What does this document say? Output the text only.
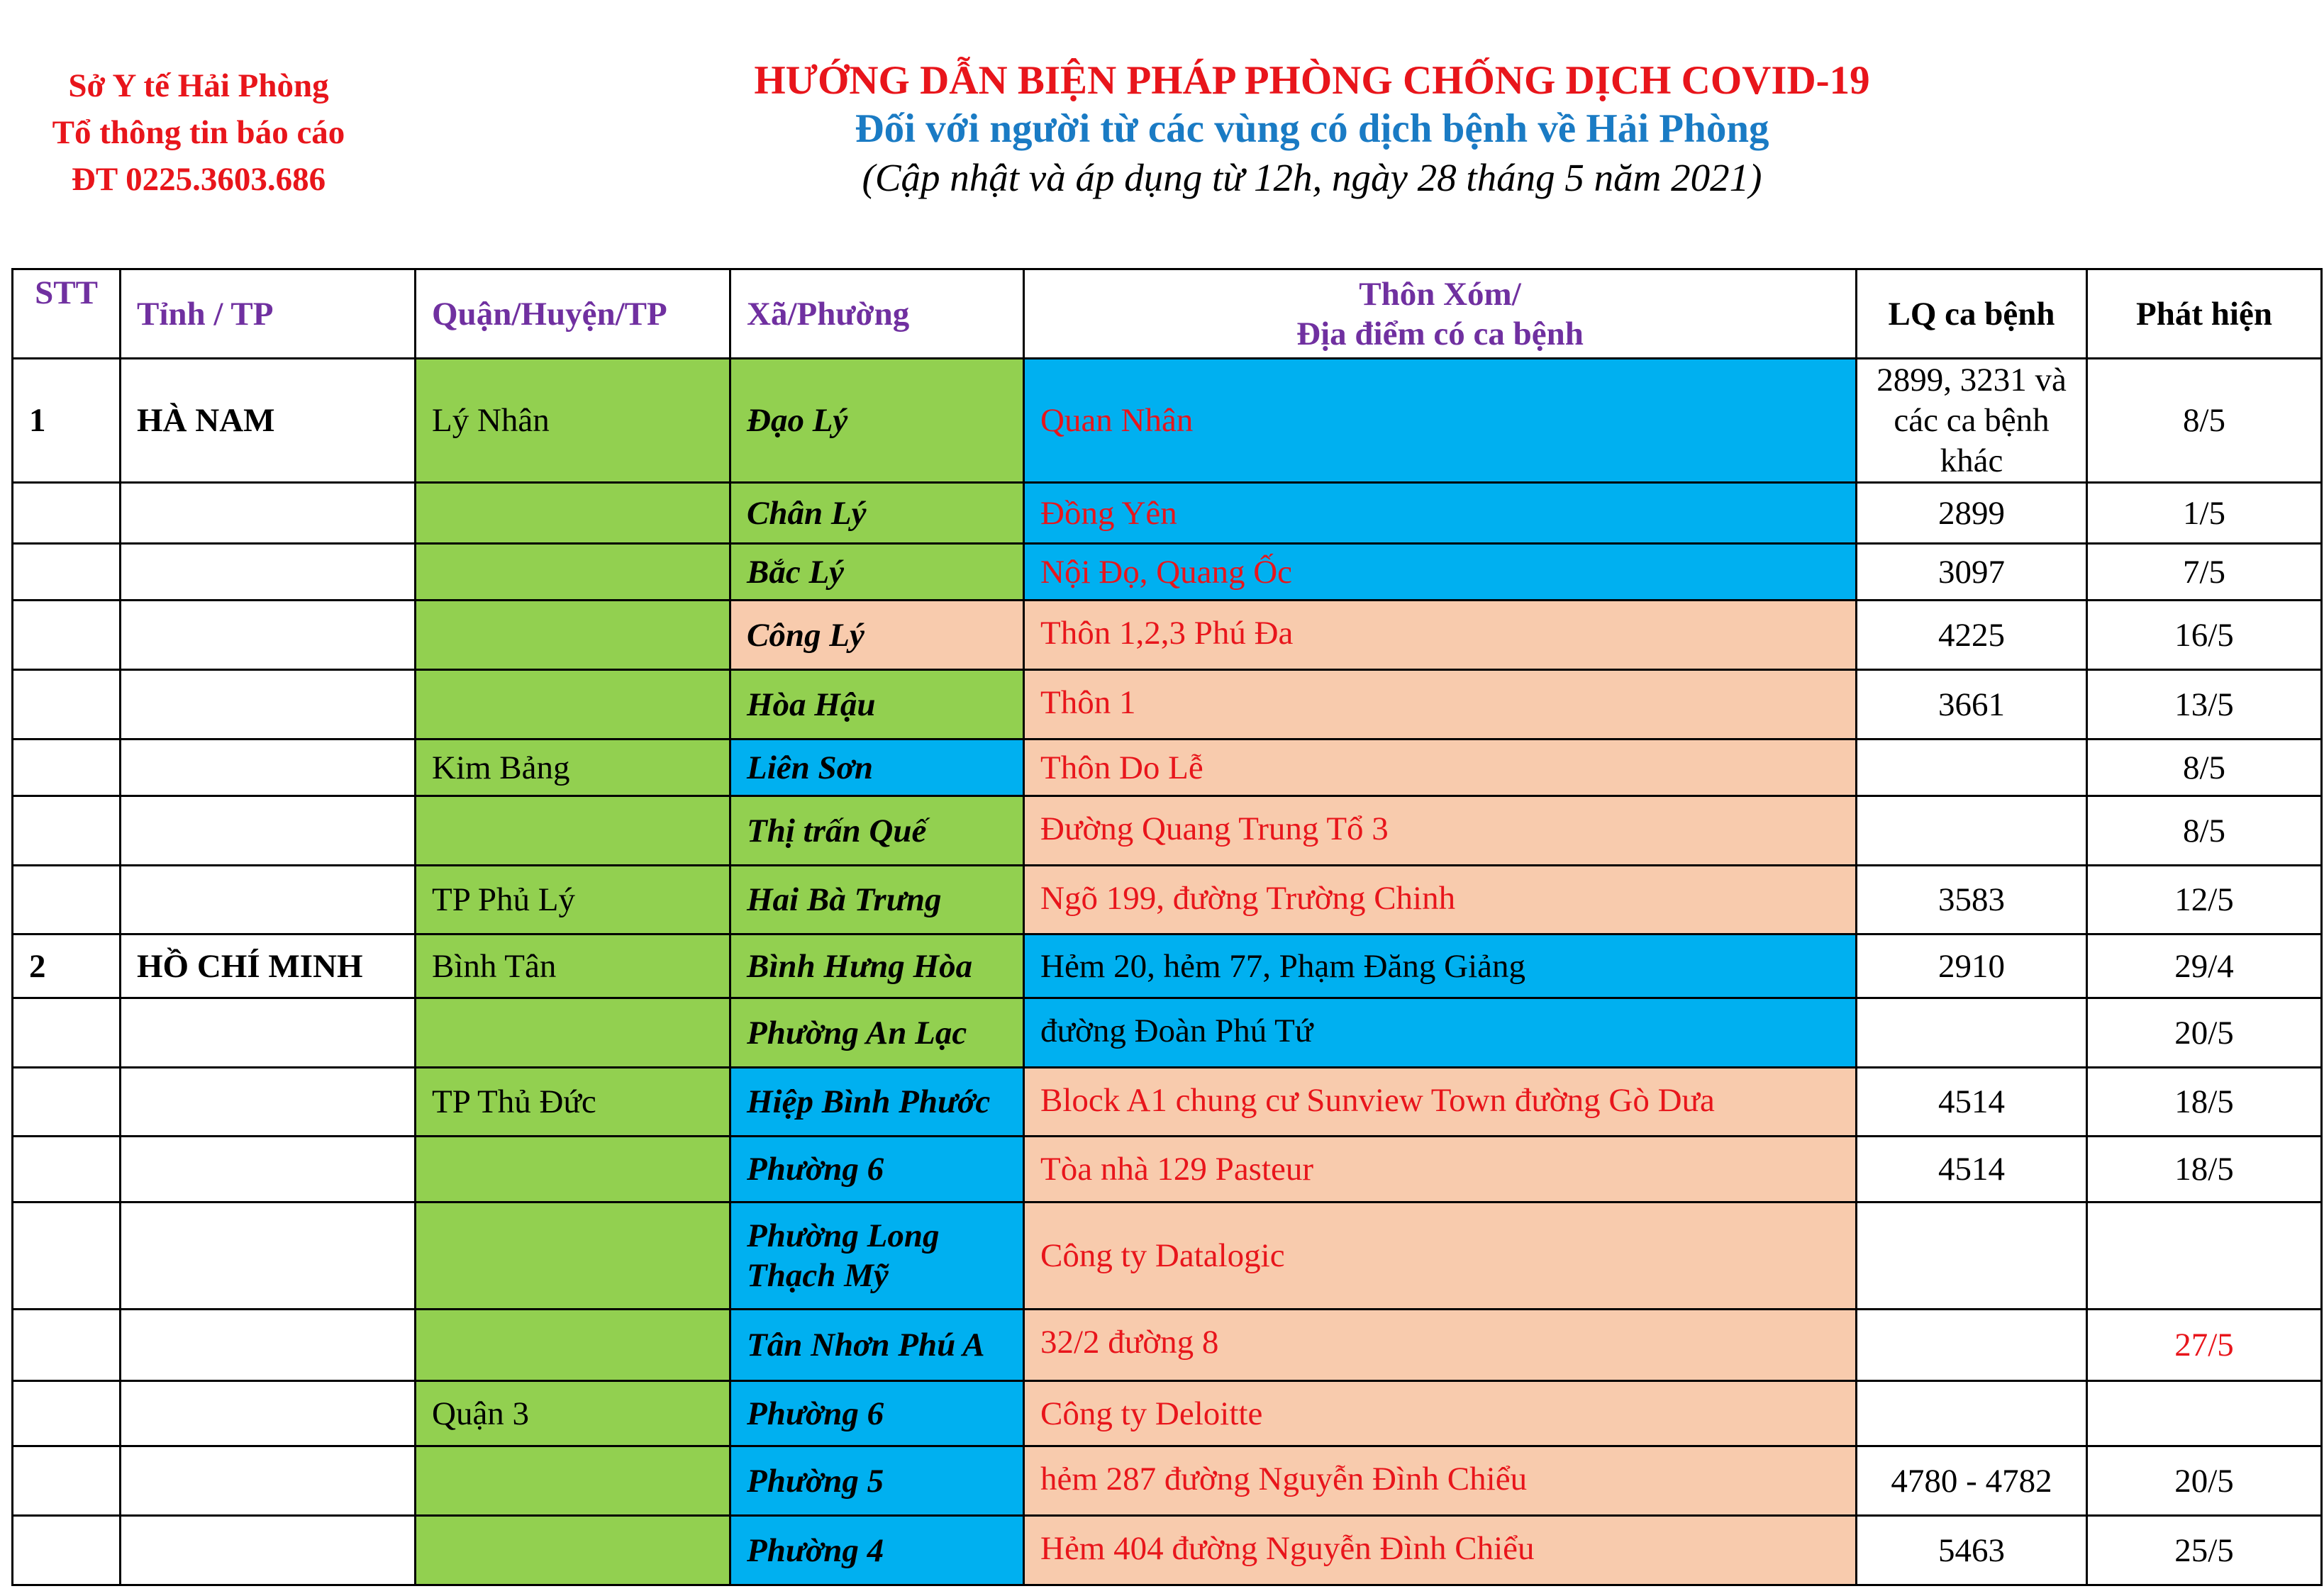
Sở Y tế Hải Phòng
Tổ thông tin báo cáo
ĐT 0225.3603.686
HƯỚNG DẪN BIỆN PHÁP PHÒNG CHỐNG DỊCH COVID-19
Đối với người từ các vùng có dịch bệnh về Hải Phòng
(Cập nhật và áp dụng từ 12h, ngày 28 tháng 5 năm 2021)
STT	Tỉnh / TP	Quận/Huyện/TP	Xã/Phường	Thôn Xóm/
Địa điểm có ca bệnh	LQ ca bệnh	Phát hiện
1	HÀ NAM	Lý Nhân	Đạo Lý	Quan Nhân	2899, 3231 và các ca bệnh khác	8/5
			Chân Lý	Đồng Yên	2899	1/5
			Bắc Lý	Nội Đọ, Quang Ốc	3097	7/5
			Công Lý	Thôn 1,2,3 Phú Đa	4225	16/5
			Hòa Hậu	Thôn 1	3661	13/5
		Kim Bảng	Liên Sơn	Thôn Do Lễ		8/5
			Thị trấn Quế	Đường Quang Trung Tổ 3		8/5
		TP Phủ Lý	Hai Bà Trưng	Ngõ 199, đường Trường Chinh	3583	12/5
2	HỒ CHÍ MINH	Bình Tân	Bình Hưng Hòa	Hẻm 20, hẻm 77, Phạm Đăng Giảng	2910	29/4
			Phường An Lạc	đường Đoàn Phú Tứ		20/5
		TP Thủ Đức	Hiệp Bình Phước	Block A1 chung cư Sunview Town đường Gò Dưa	4514	18/5
			Phường 6	Tòa nhà 129 Pasteur	4514	18/5
			Phường Long Thạch Mỹ	Công ty Datalogic		
			Tân Nhơn Phú A	32/2 đường 8		27/5
		Quận 3	Phường 6	Công ty Deloitte		
			Phường 5	hẻm 287 đường Nguyễn Đình Chiểu	4780 - 4782	20/5
			Phường 4	Hẻm 404 đường Nguyễn Đình Chiểu	5463	25/5
